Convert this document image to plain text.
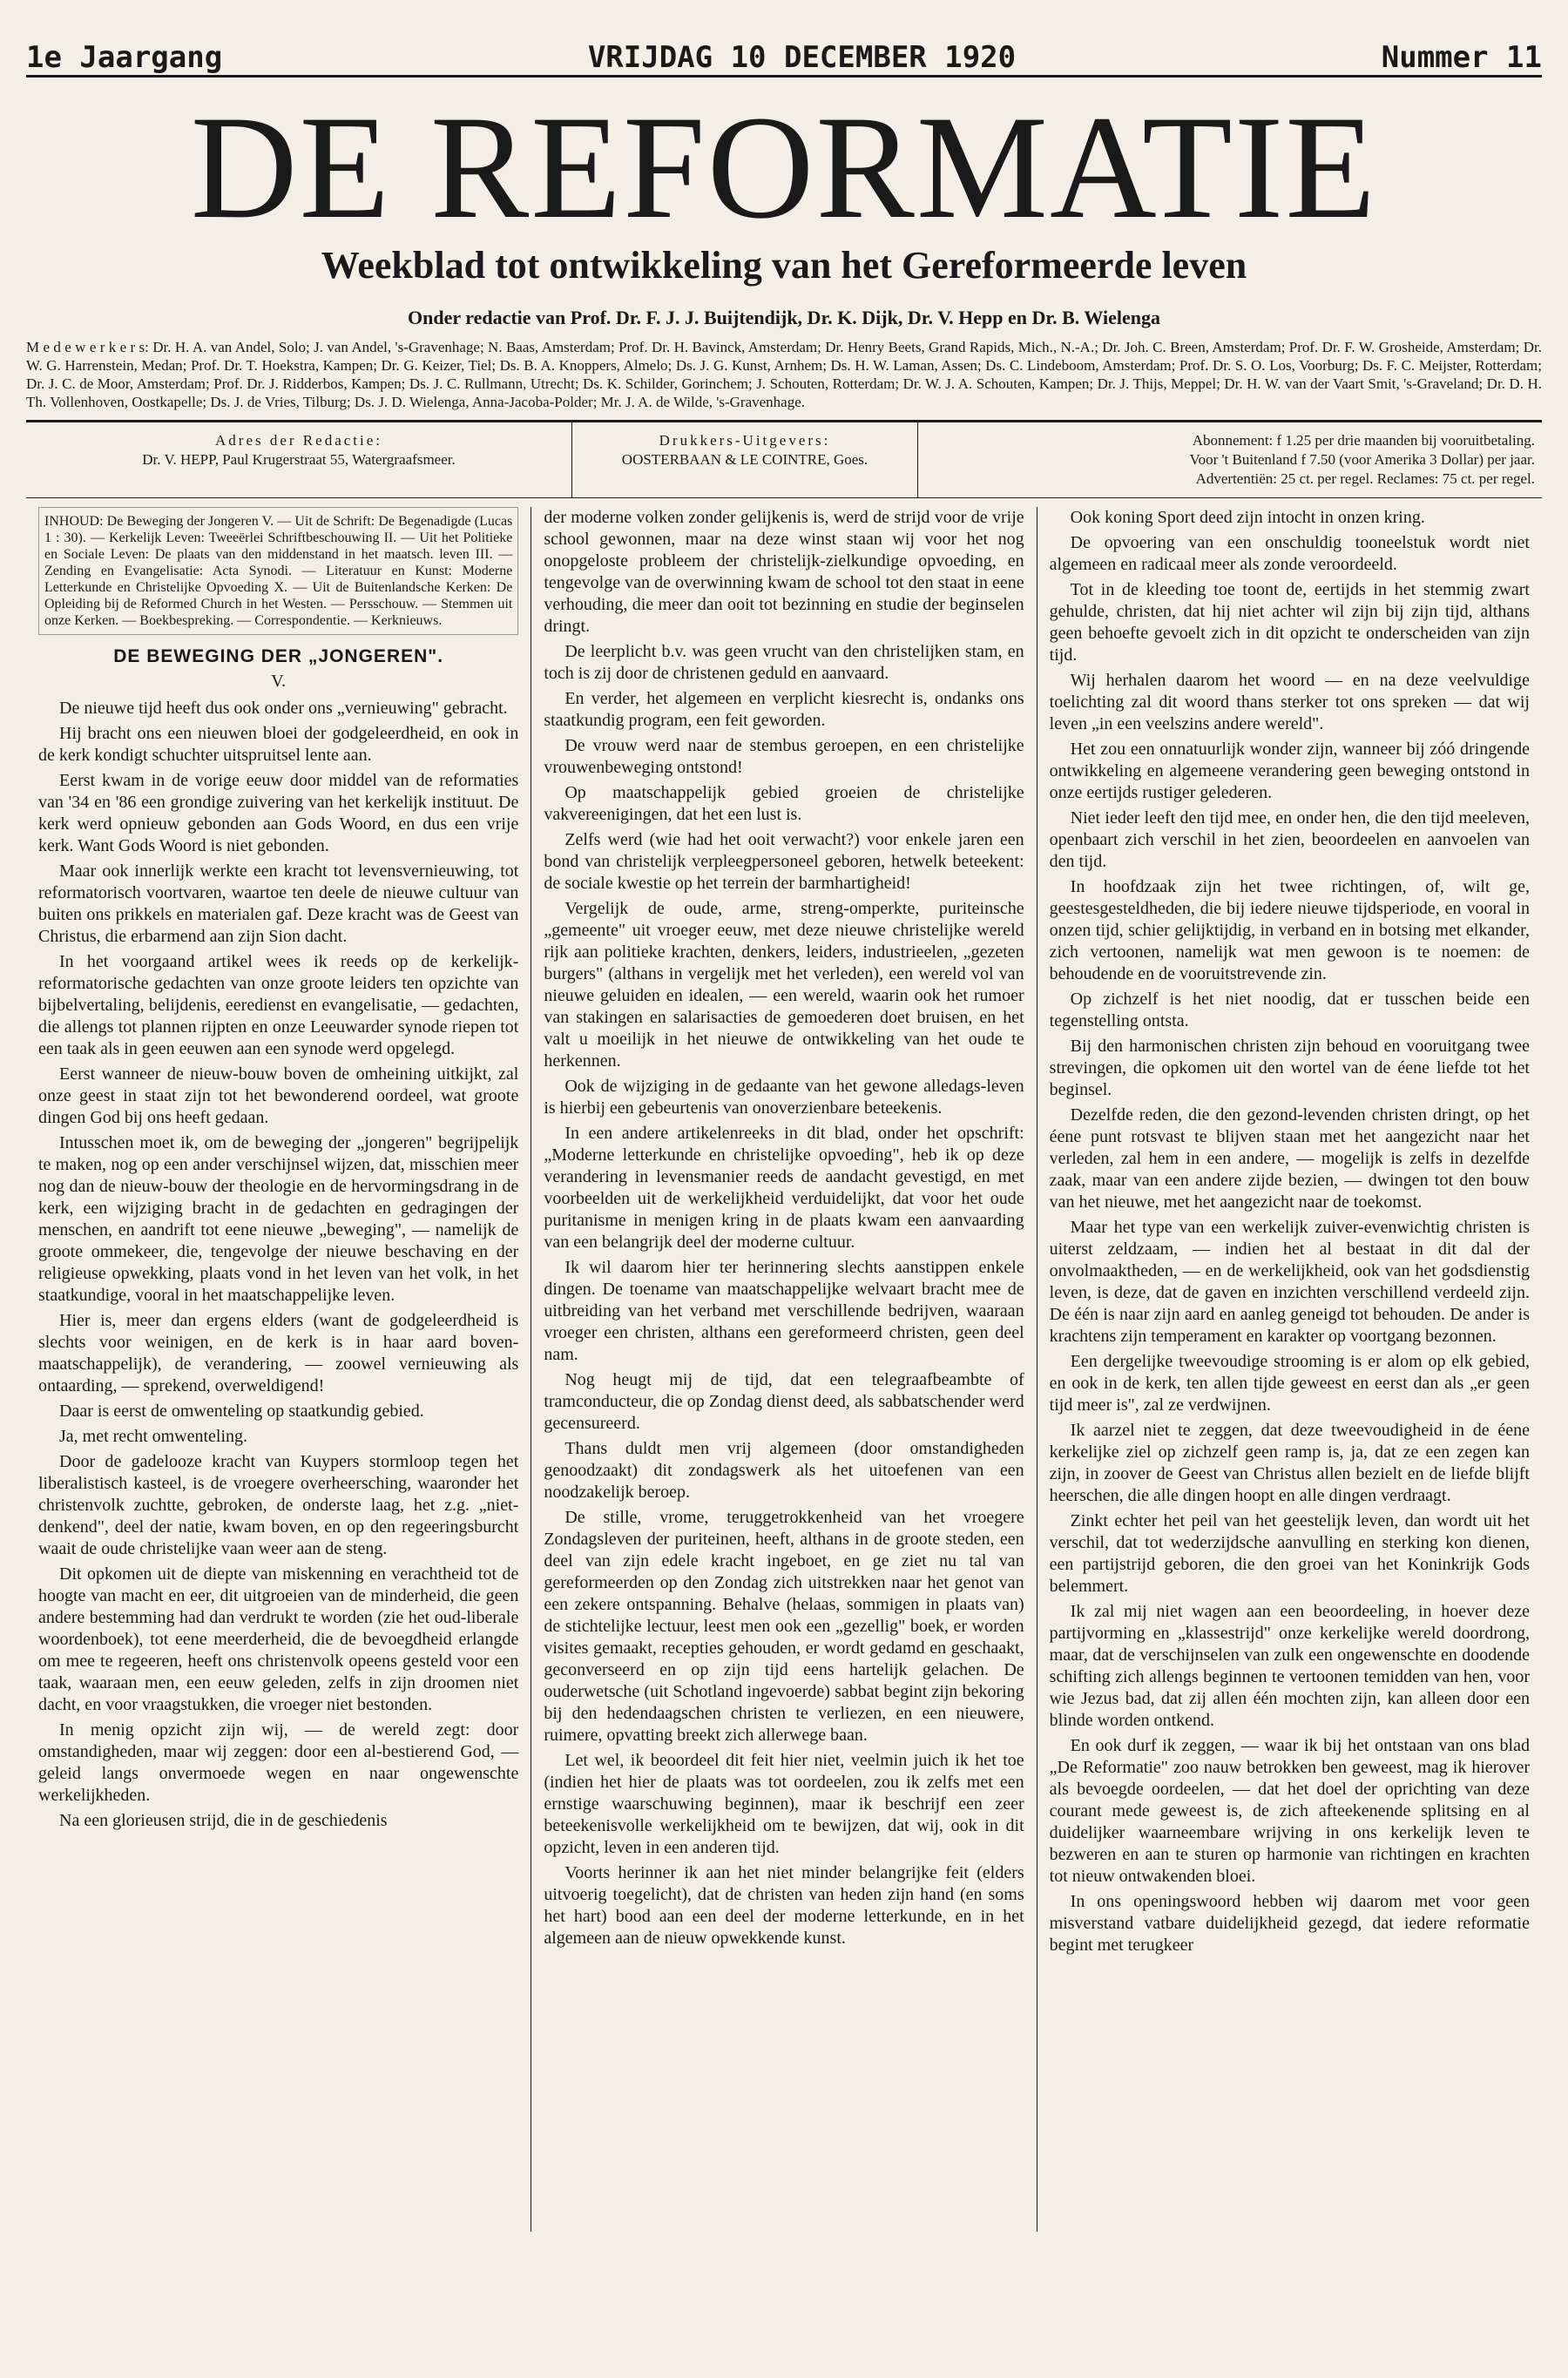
1e Jaargang	VRIJDAG 10 DECEMBER 1920	Nummer 11
DE REFORMATIE
Weekblad tot ontwikkeling van het Gereformeerde leven
Onder redactie van Prof. Dr. F. J. J. Buijtendijk, Dr. K. Dijk, Dr. V. Hepp en Dr. B. Wielenga
M e d e w e r k e r s: Dr. H. A. van Andel, Solo; J. van Andel, 's-Gravenhage; N. Baas, Amsterdam; Prof. Dr. H. Bavinck, Amsterdam; Dr. Henry Beets, Grand Rapids, Mich., N.-A.; Dr. Joh. C. Breen, Amsterdam; Prof. Dr. F. W. Grosheide, Amsterdam; Dr. W. G. Harrenstein, Medan; Prof. Dr. T. Hoekstra, Kampen; Dr. G. Keizer, Tiel; Ds. B. A. Knoppers, Almelo; Ds. J. G. Kunst, Arnhem; Ds. H. W. Laman, Assen; Ds. C. Lindeboom, Amsterdam; Prof. Dr. S. O. Los, Voorburg; Ds. F. C. Meijster, Rotterdam; Dr. J. C. de Moor, Amsterdam; Prof. Dr. J. Ridderbos, Kampen; Ds. J. C. Rullmann, Utrecht; Ds. K. Schilder, Gorinchem; J. Schouten, Rotterdam; Dr. W. J. A. Schouten, Kampen; Dr. J. Thijs, Meppel; Dr. H. W. van der Vaart Smit, 's-Graveland; Dr. D. H. Th. Vollenhoven, Oostkapelle; Ds. J. de Vries, Tilburg; Ds. J. D. Wielenga, Anna-Jacoba-Polder; Mr. J. A. de Wilde, 's-Gravenhage.
Adres der Redactie:
Dr. V. HEPP, Paul Krugerstraat 55, Watergraafsmeer.
Drukkers-Uitgevers:
OOSTERBAAN & LE COINTRE, Goes.
Abonnement: f 1.25 per drie maanden bij vooruitbetaling.
Voor 't Buitenland f 7.50 (voor Amerika 3 Dollar) per jaar.
Advertentiën: 25 ct. per regel. Reclames: 75 ct. per regel.
INHOUD: De Beweging der Jongeren V. — Uit de Schrift: De Begenadigde (Lucas 1 : 30). — Kerkelijk Leven: Tweeërlei Schriftbeschouwing II. — Uit het Politieke en Sociale Leven: De plaats van den middenstand in het maatsch. leven III. — Zending en Evangelisatie: Acta Synodi. — Literatuur en Kunst: Moderne Letterkunde en Christelijke Opvoeding X. — Uit de Buitenlandsche Kerken: De Opleiding bij de Reformed Church in het Westen. — Persschouw. — Stemmen uit onze Kerken. — Boekbespreking. — Correspondentie. — Kerknieuws.
DE BEWEGING DER „JONGEREN".
V.

De nieuwe tijd heeft dus ook onder ons „vernieuwing" gebracht.

Hij bracht ons een nieuwen bloei der godgeleerdheid, en ook in de kerk kondigt schuchter uitspruitsel lente aan.

Eerst kwam in de vorige eeuw door middel van de reformaties van '34 en '86 een grondige zuivering van het kerkelijk instituut. De kerk werd opnieuw gebonden aan Gods Woord, en dus een vrije kerk. Want Gods Woord is niet gebonden.

Maar ook innerlijk werkte een kracht tot levensvernieuwing, tot reformatorisch voortvaren, waartoe ten deele de nieuwe cultuur van buiten ons prikkels en materialen gaf. Deze kracht was de Geest van Christus, die erbarmend aan zijn Sion dacht.

In het voorgaand artikel wees ik reeds op de kerkelijk-reformatorische gedachten van onze groote leiders ten opzichte van bijbelvertaling, belijdenis, eeredienst en evangelisatie, — gedachten, die allengs tot plannen rijpten en onze Leeuwarder synode riepen tot een taak als in geen eeuwen aan een synode werd opgelegd.

Eerst wanneer de nieuw-bouw boven de omheining uitkijkt, zal onze geest in staat zijn tot het bewonderend oordeel, wat groote dingen God bij ons heeft gedaan.

Intusschen moet ik, om de beweging der „jongeren" begrijpelijk te maken, nog op een ander verschijnsel wijzen, dat, misschien meer nog dan de nieuw-bouw der theologie en de hervormingsdrang in de kerk, een wijziging bracht in de gedachten en gedragingen der menschen, en aandrift tot eene nieuwe „beweging", — namelijk de groote ommekeer, die, tengevolge der nieuwe beschaving en der religieuse opwekking, plaats vond in het leven van het volk, in het staatkundige, vooral in het maatschappelijke leven.

Hier is, meer dan ergens elders (want de godgeleerdheid is slechts voor weinigen, en de kerk is in haar aard boven-maatschappelijk), de verandering, — zoowel vernieuwing als ontaarding, — sprekend, overweldigend!

Daar is eerst de omwenteling op staatkundig gebied.

Ja, met recht omwenteling.

Door de gadelooze kracht van Kuypers stormloop tegen het liberalistisch kasteel, is de vroegere overheersching, waaronder het christenvolk zuchtte, gebroken, de onderste laag, het z.g. „niet-denkend", deel der natie, kwam boven, en op den regeeringsburcht waait de oude christelijke vaan weer aan de steng.

Dit opkomen uit de diepte van miskenning en verachtheid tot de hoogte van macht en eer, dit uitgroeien van de minderheid, die geen andere bestemming had dan verdrukt te worden (zie het oud-liberale woordenboek), tot eene meerderheid, die de bevoegdheid erlangde om mee te regeeren, heeft ons christenvolk opeens gesteld voor een taak, waaraan men, een eeuw geleden, zelfs in zijn droomen niet dacht, en voor vraagstukken, die vroeger niet bestonden.

In menig opzicht zijn wij, — de wereld zegt: door omstandigheden, maar wij zeggen: door een al-bestierend God, — geleid langs onvermoede wegen en naar ongewenschte werkelijkheden.

Na een glorieusen strijd, die in de geschiedenis

der moderne volken zonder gelijkenis is, werd de strijd voor de vrije school gewonnen, maar na deze winst staan wij voor het nog onopgeloste probleem der christelijk-zielkundige opvoeding, en tengevolge van de overwinning kwam de school tot den staat in eene verhouding, die meer dan ooit tot bezinning en studie der beginselen dringt.

De leerplicht b.v. was geen vrucht van den christelijken stam, en toch is zij door de christenen geduld en aanvaard.

En verder, het algemeen en verplicht kiesrecht is, ondanks ons staatkundig program, een feit geworden.

De vrouw werd naar de stembus geroepen, en een christelijke vrouwenbeweging ontstond!

Op maatschappelijk gebied groeien de christelijke vakvereenigingen, dat het een lust is.

Zelfs werd (wie had het ooit verwacht?) voor enkele jaren een bond van christelijk verpleegpersoneel geboren, hetwelk beteekent: de sociale kwestie op het terrein der barmhartigheid!

Vergelijk de oude, arme, streng-omperkte, puriteinsche „gemeente" uit vroeger eeuw, met deze nieuwe christelijke wereld rijk aan politieke krachten, denkers, leiders, industrieelen, „gezeten burgers" (althans in vergelijk met het verleden), een wereld vol van nieuwe geluiden en idealen, — een wereld, waarin ook het rumoer van stakingen en salarisacties de gemoederen doet bruisen, en het valt u moeilijk in het nieuwe de ontwikkeling van het oude te herkennen.

Ook de wijziging in de gedaante van het gewone alledags-leven is hierbij een gebeurtenis van onoverzienbare beteekenis.

In een andere artikelenreeks in dit blad, onder het opschrift: „Moderne letterkunde en christelijke opvoeding", heb ik op deze verandering in levensmanier reeds de aandacht gevestigd, en met voorbeelden uit de werkelijkheid verduidelijkt, dat voor het oude puritanisme in menigen kring in de plaats kwam een aanvaarding van een belangrijk deel der moderne cultuur.

Ik wil daarom hier ter herinnering slechts aanstippen enkele dingen. De toename van maatschappelijke welvaart bracht mee de uitbreiding van het verband met verschillende bedrijven, waaraan vroeger een christen, althans een gereformeerd christen, geen deel nam.

Nog heugt mij de tijd, dat een telegraafbeambte of tramconducteur, die op Zondag dienst deed, als sabbatschender werd gecensureerd.

Thans duldt men vrij algemeen (door omstandigheden genoodzaakt) dit zondagswerk als het uitoefenen van een noodzakelijk beroep.

De stille, vrome, teruggetrokkenheid van het vroegere Zondagsleven der puriteinen, heeft, althans in de groote steden, een deel van zijn edele kracht ingeboet, en ge ziet nu tal van gereformeerden op den Zondag zich uitstrekken naar het genot van een zekere ontspanning. Behalve (helaas, sommigen in plaats van) de stichtelijke lectuur, leest men ook een „gezellig" boek, er worden visites gemaakt, recepties gehouden, er wordt gedamd en geschaakt, geconverseerd en op zijn tijd eens hartelijk gelachen. De ouderwetsche (uit Schotland ingevoerde) sabbat begint zijn bekoring bij den hedendaagschen christen te verliezen, en een nieuwere, ruimere, opvatting breekt zich allerwege baan.

Let wel, ik beoordeel dit feit hier niet, veelmin juich ik het toe (indien het hier de plaats was tot oordeelen, zou ik zelfs met een ernstige waarschuwing beginnen), maar ik beschrijf een zeer beteekenisvolle werkelijkheid om te bewijzen, dat wij, ook in dit opzicht, leven in een anderen tijd.

Voorts herinner ik aan het niet minder belangrijke feit (elders uitvoerig toegelicht), dat de christen van heden zijn hand (en soms het hart) bood aan een deel der moderne letterkunde, en in het algemeen aan de nieuw opwekkende kunst.

Ook koning Sport deed zijn intocht in onzen kring.

De opvoering van een onschuldig tooneelstuk wordt niet algemeen en radicaal meer als zonde veroordeeld.

Tot in de kleeding toe toont de, eertijds in het stemmig zwart gehulde, christen, dat hij niet achter wil zijn bij zijn tijd, althans geen behoefte gevoelt zich in dit opzicht te onderscheiden van zijn tijd.

Wij herhalen daarom het woord — en na deze veelvuldige toelichting zal dit woord thans sterker tot ons spreken — dat wij leven „in een veelszins andere wereld".

Het zou een onnatuurlijk wonder zijn, wanneer bij zóó dringende ontwikkeling en algemeene verandering geen beweging ontstond in onze eertijds rustiger gelederen.

Niet ieder leeft den tijd mee, en onder hen, die den tijd meeleven, openbaart zich verschil in het zien, beoordeelen en aanvoelen van den tijd.

In hoofdzaak zijn het twee richtingen, of, wilt ge, geestesgesteldheden, die bij iedere nieuwe tijdsperiode, en vooral in onzen tijd, schier gelijktijdig, in verband en in botsing met elkander, zich vertoonen, namelijk wat men gewoon is te noemen: de behoudende en de vooruitstrevende zin.

Op zichzelf is het niet noodig, dat er tusschen beide een tegenstelling ontsta.

Bij den harmonischen christen zijn behoud en vooruitgang twee strevingen, die opkomen uit den wortel van de éene liefde tot het beginsel.

Dezelfde reden, die den gezond-levenden christen dringt, op het éene punt rotsvast te blijven staan met het aangezicht naar het verleden, zal hem in een andere, — mogelijk is zelfs in dezelfde zaak, maar van een andere zijde bezien, — dwingen tot den bouw van het nieuwe, met het aangezicht naar de toekomst.

Maar het type van een werkelijk zuiver-evenwichtig christen is uiterst zeldzaam, — indien het al bestaat in dit dal der onvolmaaktheden, — en de werkelijkheid, ook van het godsdienstig leven, is deze, dat de gaven en inzichten verschillend verdeeld zijn. De één is naar zijn aard en aanleg geneigd tot behouden. De ander is krachtens zijn temperament en karakter op voortgang bezonnen.

Een dergelijke tweevoudige strooming is er alom op elk gebied, en ook in de kerk, ten allen tijde geweest en eerst dan als „er geen tijd meer is", zal ze verdwijnen.

Ik aarzel niet te zeggen, dat deze tweevoudigheid in de éene kerkelijke ziel op zichzelf geen ramp is, ja, dat ze een zegen kan zijn, in zoover de Geest van Christus allen bezielt en de liefde blijft heerschen, die alle dingen hoopt en alle dingen verdraagt.

Zinkt echter het peil van het geestelijk leven, dan wordt uit het verschil, dat tot wederzijdsche aanvulling en sterking kon dienen, een partijstrijd geboren, die den groei van het Koninkrijk Gods belemmert.

Ik zal mij niet wagen aan een beoordeeling, in hoever deze partijvorming en „klassestrijd" onze kerkelijke wereld doordrong, maar, dat de verschijnselen van zulk een ongewenschte en doodende schifting zich allengs beginnen te vertoonen temidden van hen, voor wie Jezus bad, dat zij allen één mochten zijn, kan alleen door een blinde worden ontkend.

En ook durf ik zeggen, — waar ik bij het ontstaan van ons blad „De Reformatie" zoo nauw betrokken ben geweest, mag ik hierover als bevoegde oordeelen, — dat het doel der oprichting van deze courant mede geweest is, de zich afteekenende splitsing en al duidelijker waarneembare wrijving in ons kerkelijk leven te bezweren en aan te sturen op harmonie van richtingen en krachten tot nieuw ontwakenden bloei.

In ons openingswoord hebben wij daarom met voor geen misverstand vatbare duidelijkheid gezegd, dat iedere reformatie begint met terugkeer
